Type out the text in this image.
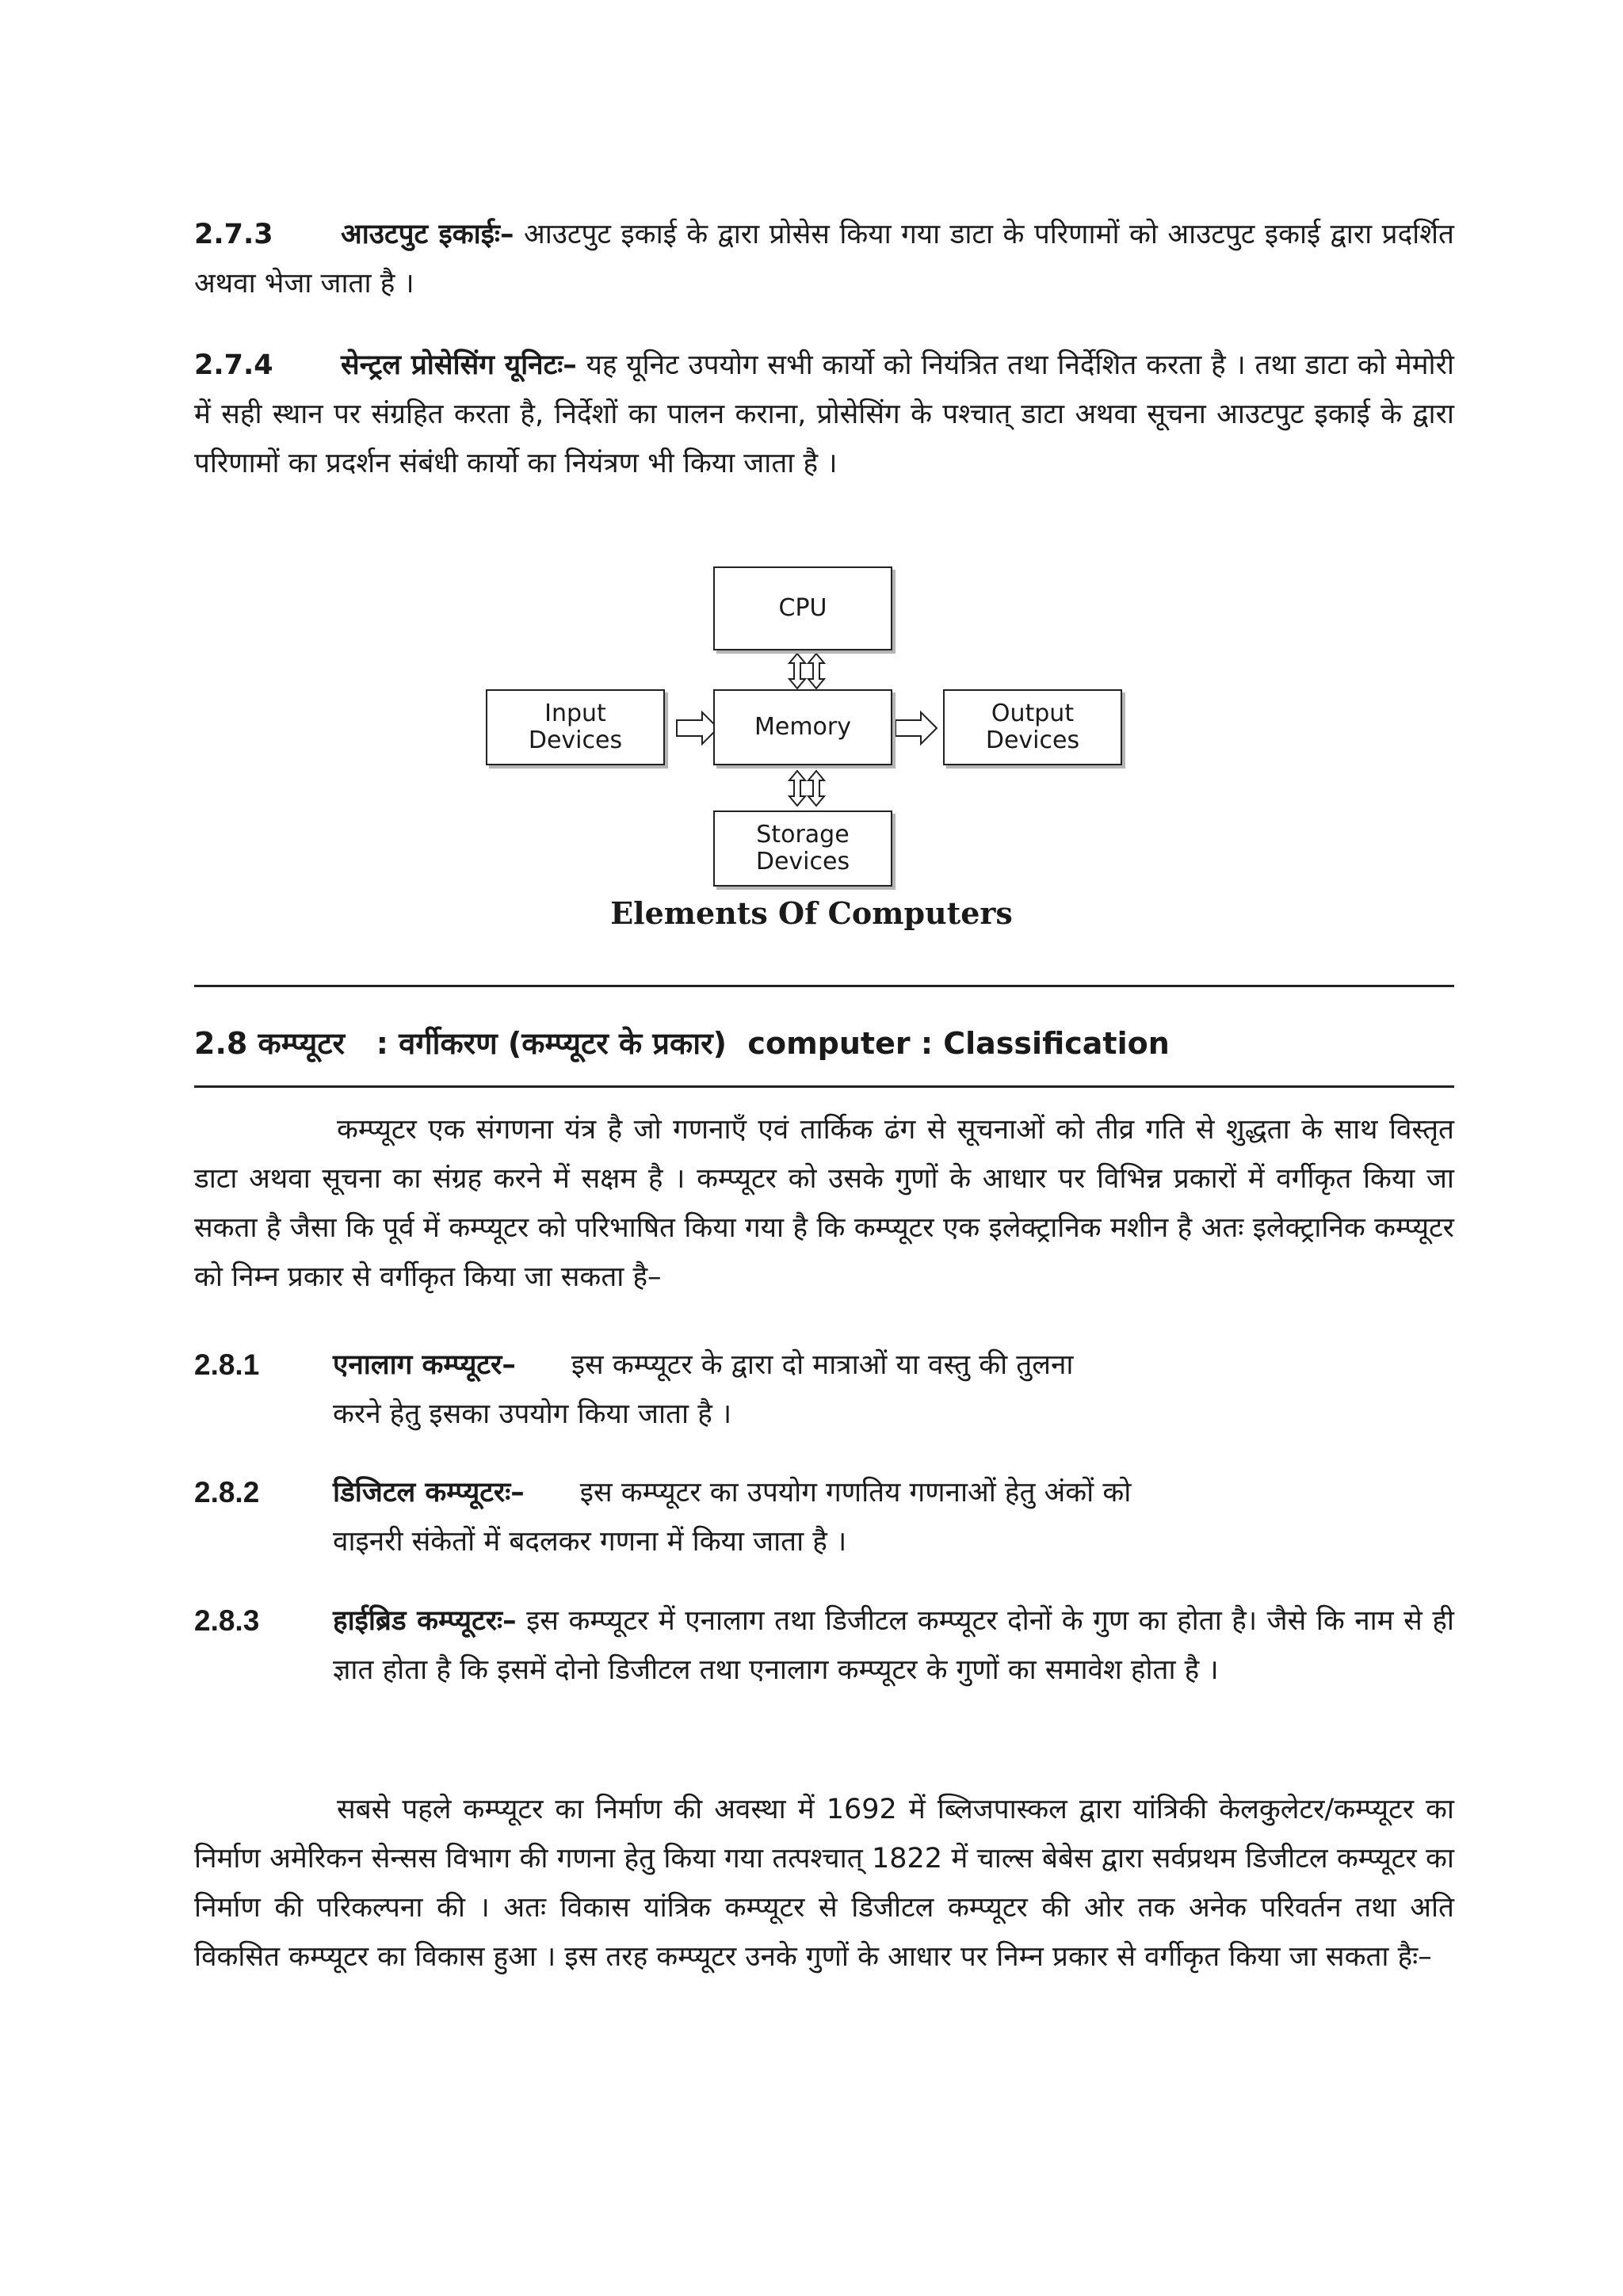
2.7.3 आउटपुट इकाईः– आउटपुट इकाई के द्वारा प्रोसेस किया गया डाटा के परिणामों को आउटपुट इकाई द्वारा प्रदर्शित अथवा भेजा जाता है ।
2.7.4 सेन्ट्रल प्रोसेसिंग यूनिटः– यह यूनिट उपयोग सभी कार्यो को नियंत्रित तथा निर्देशित करता है । तथा डाटा को मेमोरी में सही स्थान पर संग्रहित करता है, निर्देशों का पालन कराना, प्रोसेसिंग के पश्चात् डाटा अथवा सूचना आउटपुट इकाई के द्वारा परिणामों का प्रदर्शन संबंधी कार्यो का नियंत्रण भी किया जाता है ।
CPU
Input
Devices	Memory	Output
Devices
Storage
Devices
Elements Of Computers
2.8 कम्प्यूटर   : वर्गीकरण (कम्प्यूटर के प्रकार)  computer : Classification
कम्प्यूटर एक संगणना यंत्र है जो गणनाएँ एवं तार्किक ढंग से सूचनाओं को तीव्र गति से शुद्धता के साथ विस्तृत डाटा अथवा सूचना का संग्रह करने में सक्षम है । कम्प्यूटर को उसके गुणों के आधार पर विभिन्न प्रकारों में वर्गीकृत किया जा सकता है जैसा कि पूर्व में कम्प्यूटर को परिभाषित किया गया है कि कम्प्यूटर एक इलेक्ट्रानिक मशीन है अतः इलेक्ट्रानिक कम्प्यूटर को निम्न प्रकार से वर्गीकृत किया जा सकता है–
2.8.1	एनालाग कम्प्यूटर– इस कम्प्यूटर के द्वारा दो मात्राओं या वस्तु की तुलना
करने हेतु इसका उपयोग किया जाता है ।
2.8.2	डिजिटल कम्प्यूटरः– इस कम्प्यूटर का उपयोग गणतिय गणनाओं हेतु अंकों को
वाइनरी संकेतों में बदलकर गणना में किया जाता है ।
2.8.3	हाईब्रिड कम्प्यूटरः– इस कम्प्यूटर में एनालाग तथा डिजीटल कम्प्यूटर दोनों के गुण का होता है। जैसे कि नाम से ही ज्ञात होता है कि इसमें दोनो डिजीटल तथा एनालाग कम्प्यूटर के गुणों का समावेश होता है ।
सबसे पहले कम्प्यूटर का निर्माण की अवस्था में 1692 में ब्लिजपास्कल द्वारा यांत्रिकी केलकुलेटर/कम्प्यूटर का निर्माण अमेरिकन सेन्सस विभाग की गणना हेतु किया गया तत्पश्चात् 1822 में चाल्स बेबेस द्वारा सर्वप्रथम डिजीटल कम्प्यूटर का निर्माण की परिकल्पना की । अतः विकास यांत्रिक कम्प्यूटर से डिजीटल कम्प्यूटर की ओर तक अनेक परिवर्तन तथा अति विकसित कम्प्यूटर का विकास हुआ । इस तरह कम्प्यूटर उनके गुणों के आधार पर निम्न प्रकार से वर्गीकृत किया जा सकता हैः–
